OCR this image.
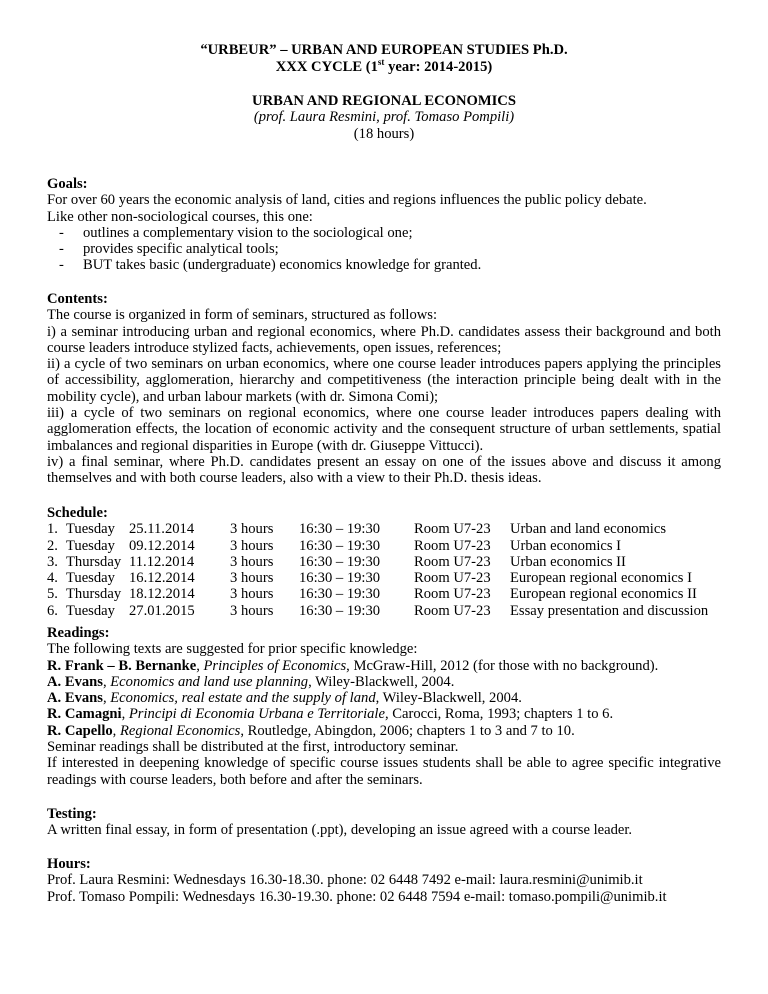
“URBEUR” – URBAN AND EUROPEAN STUDIES Ph.D.
XXX CYCLE (1st year: 2014-2015)
URBAN AND REGIONAL ECONOMICS
(prof. Laura Resmini, prof. Tomaso Pompili)
(18 hours)

Goals:

For over 60 years the economic analysis of land, cities and regions influences the public policy debate.

Like other non-sociological courses, this one:

- outlines a complementary vision to the sociological one;
- provides specific analytical tools;
- BUT takes basic (undergraduate) economics knowledge for granted.

Contents:

The course is organized in form of seminars, structured as follows:

i) a seminar introducing urban and regional economics, where Ph.D. candidates assess their background and both course leaders introduce stylized facts, achievements, open issues, references;

ii) a cycle of two seminars on urban economics, where one course leader introduces papers applying the principles of accessibility, agglomeration, hierarchy and competitiveness (the interaction principle being dealt with in the mobility cycle), and urban labour markets (with dr. Simona Comi);

iii) a cycle of two seminars on regional economics, where one course leader introduces papers dealing with agglomeration effects, the location of economic activity and the consequent structure of urban settlements, spatial imbalances and regional disparities in Europe (with dr. Giuseppe Vittucci).

iv) a final seminar, where Ph.D. candidates present an essay on one of the issues above and discuss it among themselves and with both course leaders, also with a view to their Ph.D. thesis ideas.

Schedule:

1. Tuesday 25.11.2014 3 hours 16:30 – 19:30 Room U7-23 Urban and land economics
2. Tuesday 09.12.2014 3 hours 16:30 – 19:30 Room U7-23 Urban economics I
3. Thursday 11.12.2014 3 hours 16:30 – 19:30 Room U7-23 Urban economics II
4. Tuesday 16.12.2014 3 hours 16:30 – 19:30 Room U7-23 European regional economics I
5. Thursday 18.12.2014 3 hours 16:30 – 19:30 Room U7-23 European regional economics II
6. Tuesday 27.01.2015 3 hours 16:30 – 19:30 Room U7-23 Essay presentation and discussion

Readings:

The following texts are suggested for prior specific knowledge:

R. Frank – B. Bernanke, Principles of Economics, McGraw-Hill, 2012 (for those with no background).

A. Evans, Economics and land use planning, Wiley-Blackwell, 2004.

A. Evans, Economics, real estate and the supply of land, Wiley-Blackwell, 2004.

R. Camagni, Principi di Economia Urbana e Territoriale, Carocci, Roma, 1993; chapters 1 to 6.

R. Capello, Regional Economics, Routledge, Abingdon, 2006; chapters 1 to 3 and 7 to 10.

Seminar readings shall be distributed at the first, introductory seminar.

If interested in deepening knowledge of specific course issues students shall be able to agree specific integrative readings with course leaders, both before and after the seminars.

Testing:

A written final essay, in form of presentation (.ppt), developing an issue agreed with a course leader.

Hours:

Prof. Laura Resmini: Wednesdays 16.30-18.30. phone: 02 6448 7492 e-mail: laura.resmini@unimib.it

Prof. Tomaso Pompili: Wednesdays 16.30-19.30. phone: 02 6448 7594 e-mail: tomaso.pompili@unimib.it
